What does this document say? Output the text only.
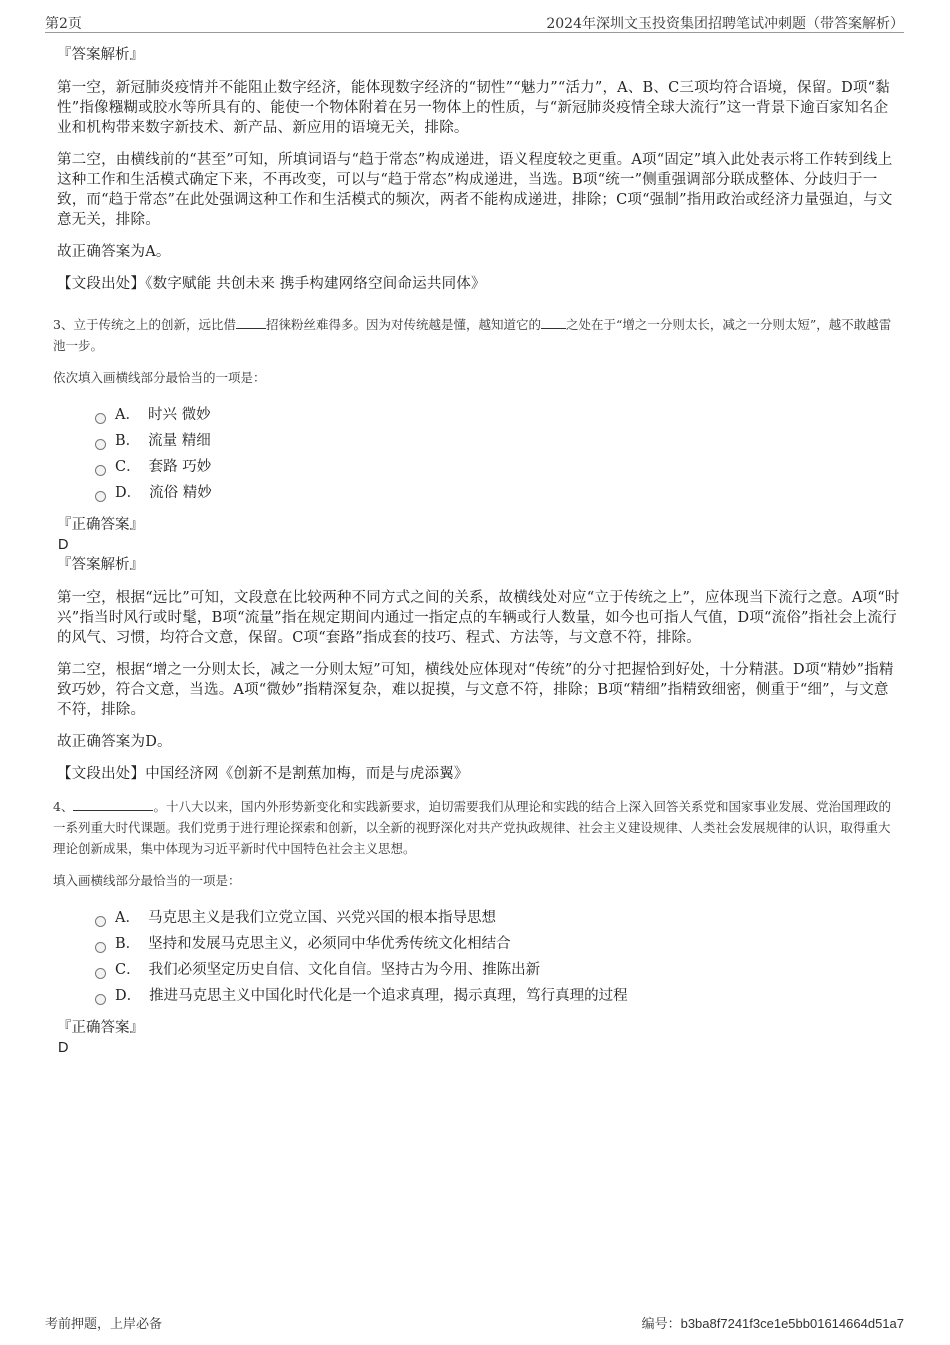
第2页	2024年深圳文玉投资集团招聘笔试冲刺题（带答案解析）

『答案解析』

第一空，新冠肺炎疫情并不能阻止数字经济，能体现数字经济的“韧性”“魅力”“活力”，A、B、C三项均符合语境，保留。D项“黏性”指像糨糊或胶水等所具有的、能使一个物体附着在另一物体上的性质，与“新冠肺炎疫情全球大流行”这一背景下逾百家知名企业和机构带来数字新技术、新产品、新应用的语境无关，排除。

第二空，由横线前的“甚至”可知，所填词语与“趋于常态”构成递进，语义程度较之更重。A项“固定”填入此处表示将工作转到线上这种工作和生活模式确定下来，不再改变，可以与“趋于常态”构成递进，当选。B项“统一”侧重强调部分联成整体、分歧归于一致，而“趋于常态”在此处强调这种工作和生活模式的频次，两者不能构成递进，排除；C项“强制”指用政治或经济力量强迫，与文意无关，排除。

故正确答案为A。

【文段出处】《数字赋能 共创未来 携手构建网络空间命运共同体》

3、立于传统之上的创新，远比借 招徕粉丝难得多。因为对传统越是懂，越知道它的 之处在于“增之一分则太长，减之一分则太短”，越不敢越雷池一步。

依次填入画横线部分最恰当的一项是：

A． 时兴 微妙
B． 流量 精细
C． 套路 巧妙
D． 流俗 精妙

『正确答案』

D

『答案解析』

第一空，根据“远比”可知，文段意在比较两种不同方式之间的关系，故横线处对应“立于传统之上”，应体现当下流行之意。A项“时兴”指当时风行或时髦，B项“流量”指在规定期间内通过一指定点的车辆或行人数量，如今也可指人气值，D项“流俗”指社会上流行的风气、习惯，均符合文意，保留。C项“套路”指成套的技巧、程式、方法等，与文意不符，排除。

第二空，根据“增之一分则太长，减之一分则太短”可知，横线处应体现对“传统”的分寸把握恰到好处，十分精湛。D项“精妙”指精致巧妙，符合文意，当选。A项“微妙”指精深复杂，难以捉摸，与文意不符，排除；B项“精细”指精致细密，侧重于“细”，与文意不符，排除。

故正确答案为D。

【文段出处】中国经济网《创新不是割蕉加梅，而是与虎添翼》

4、	。十八大以来，国内外形势新变化和实践新要求，迫切需要我们从理论和实践的结合上深入回答关系党和国家事业发展、党治国理政的一系列重大时代课题。我们党勇于进行理论探索和创新，以全新的视野深化对共产党执政规律、社会主义建设规律、人类社会发展规律的认识，取得重大理论创新成果，集中体现为习近平新时代中国特色社会主义思想。

填入画横线部分最恰当的一项是：

A． 马克思主义是我们立党立国、兴党兴国的根本指导思想
B． 坚持和发展马克思主义，必须同中华优秀传统文化相结合
C． 我们必须坚定历史自信、文化自信。坚持古为今用、推陈出新
D． 推进马克思主义中国化时代化是一个追求真理，揭示真理，笃行真理的过程

『正确答案』

D

考前押题，上岸必备	编号：b3ba8f7241f3ce1e5bb01614664d51a7
